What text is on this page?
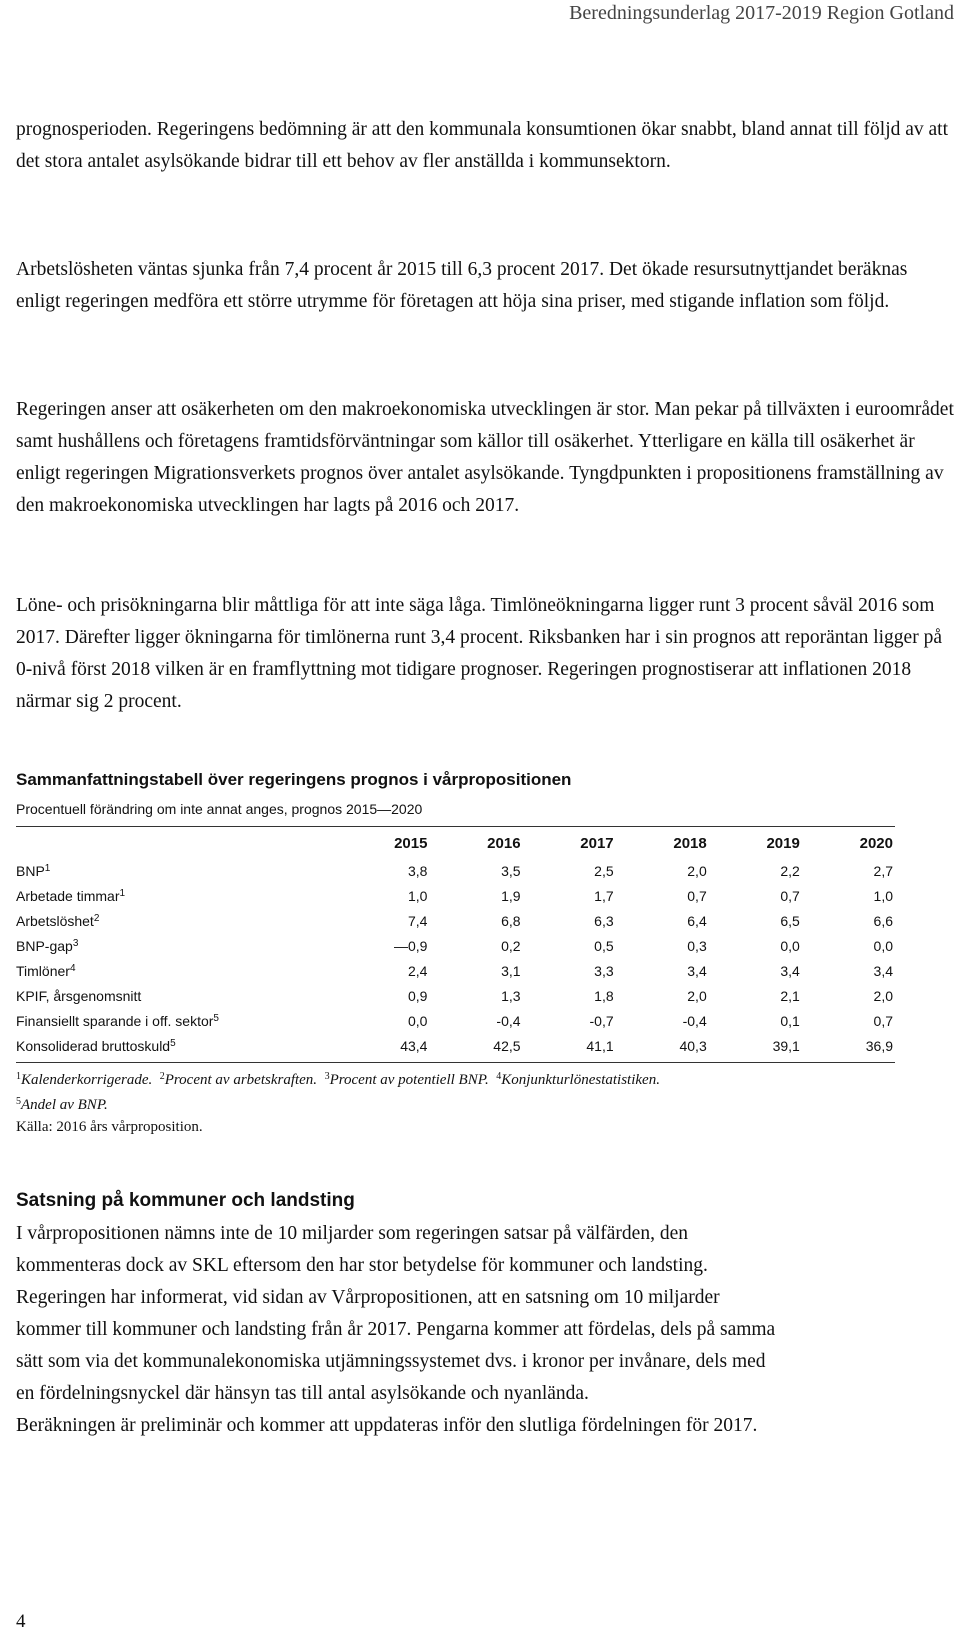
Beredningsunderlag 2017-2019 Region Gotland

prognosperioden. Regeringens bedömning är att den kommunala konsumtionen ökar snabbt, bland annat till följd av att det stora antalet asylsökande bidrar till ett behov av fler anställda i kommunsektorn.

Arbetslösheten väntas sjunka från 7,4 procent år 2015 till 6,3 procent 2017. Det ökade resursutnyttjandet beräknas enligt regeringen medföra ett större utrymme för företagen att höja sina priser, med stigande inflation som följd.

Regeringen anser att osäkerheten om den makroekonomiska utvecklingen är stor. Man pekar på tillväxten i euroområdet samt hushållens och företagens framtidsförväntningar som källor till osäkerhet. Ytterligare en källa till osäkerhet är enligt regeringen Migrationsverkets prognos över antalet asylsökande. Tyngdpunkten i propositionens framställning av den makroekonomiska utvecklingen har lagts på 2016 och 2017.

Löne- och prisökningarna blir måttliga för att inte säga låga. Timlöneökningarna ligger runt 3 procent såväl 2016 som 2017. Därefter ligger ökningarna för timlönerna runt 3,4 procent. Riksbanken har i sin prognos att reporäntan ligger på 0-nivå först 2018 vilken är en framflyttning mot tidigare prognoser. Regeringen prognostiserar att inflationen 2018 närmar sig 2 procent.

Sammanfattningstabell över regeringens prognos i vårpropositionen
Procentuell förändring om inte annat anges, prognos 2015—2020
	2015	2016	2017	2018	2019	2020
BNP$^1$	3,8	3,5	2,5	2,0	2,2	2,7
Arbetade timmar$^1$	1,0	1,9	1,7	0,7	0,7	1,0
Arbetslöshet$^2$	7,4	6,8	6,3	6,4	6,5	6,6
BNP-gap$^3$	—0,9	0,2	0,5	0,3	0,0	0,0
Timlöner$^4$	2,4	3,1	3,3	3,4	3,4	3,4
KPIF, årsgenomsnitt	0,9	1,3	1,8	2,0	2,1	2,0
Finansiellt sparande i off. sektor$^5$	0,0	-0,4	-0,7	-0,4	0,1	0,7
Konsoliderad bruttoskuld$^5$	43,4	42,5	41,1	40,3	39,1	36,9
$^1$Kalenderkorrigerade. $^2$Procent av arbetskraften. $^3$Procent av potentiell BNP. $^4$Konjunkturlönestatistiken.
$^5$Andel av BNP.
Källa: 2016 års vårproposition.
Satsning på kommuner och landsting
I vårpropositionen nämns inte de 10 miljarder som regeringen satsar på välfärden, den
kommenteras dock av SKL eftersom den har stor betydelse för kommuner och landsting.
Regeringen har informerat, vid sidan av Vårpropositionen, att en satsning om 10 miljarder
kommer till kommuner och landsting från år 2017. Pengarna kommer att fördelas, dels på samma
sätt som via det kommunalekonomiska utjämningssystemet dvs. i kronor per invånare, dels med
en fördelningsnyckel där hänsyn tas till antal asylsökande och nyanlända.
Beräkningen är preliminär och kommer att uppdateras inför den slutliga fördelningen för 2017.
4
